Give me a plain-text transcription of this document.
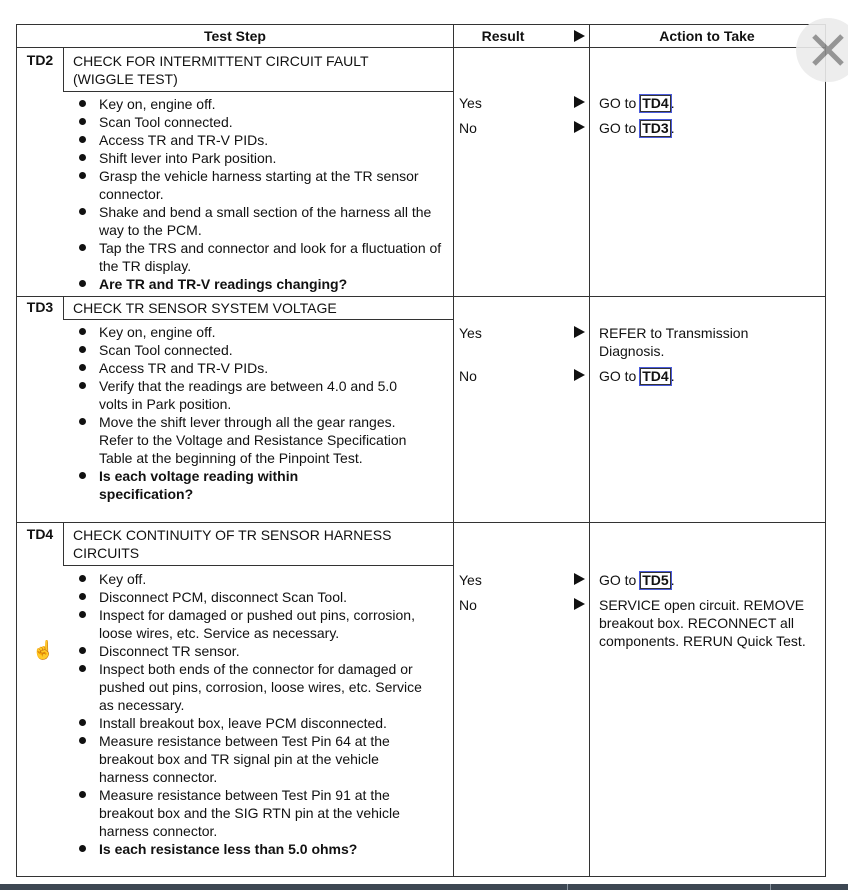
Test Step	Result	Action to Take
TD2	CHECK FOR INTERMITTENT CIRCUIT FAULT (WIGGLE TEST)
Key on, engine off.
Scan Tool connected.
Access TR and TR-V PIDs.
Shift lever into Park position.
Grasp the vehicle harness starting at the TR sensor connector.
Shake and bend a small section of the harness all the way to the PCM.
Tap the TRS and connector and look for a fluctuation of the TR display.
Are TR and TR-V readings changing?
Yes	GO to TD4 .
No	GO to TD3 .
TD3	CHECK TR SENSOR SYSTEM VOLTAGE
Key on, engine off.
Scan Tool connected.
Access TR and TR-V PIDs.
Verify that the readings are between 4.0 and 5.0 volts in Park position.
Move the shift lever through all the gear ranges. Refer to the Voltage and Resistance Specification Table at the beginning of the Pinpoint Test.
Is each voltage reading within specification?
Yes	REFER to Transmission Diagnosis.
No	GO to TD4 .
TD4	CHECK CONTINUITY OF TR SENSOR HARNESS CIRCUITS
Key off.
Disconnect PCM, disconnect Scan Tool.
Inspect for damaged or pushed out pins, corrosion, loose wires, etc. Service as necessary.
Disconnect TR sensor.
Inspect both ends of the connector for damaged or pushed out pins, corrosion, loose wires, etc. Service as necessary.
Install breakout box, leave PCM disconnected.
Measure resistance between Test Pin 64 at the breakout box and TR signal pin at the vehicle harness connector.
Measure resistance between Test Pin 91 at the breakout box and the SIG RTN pin at the vehicle harness connector.
Is each resistance less than 5.0 ohms?
Yes	GO to TD5 .
No	SERVICE open circuit. REMOVE breakout box. RECONNECT all components. RERUN Quick Test.
☝
